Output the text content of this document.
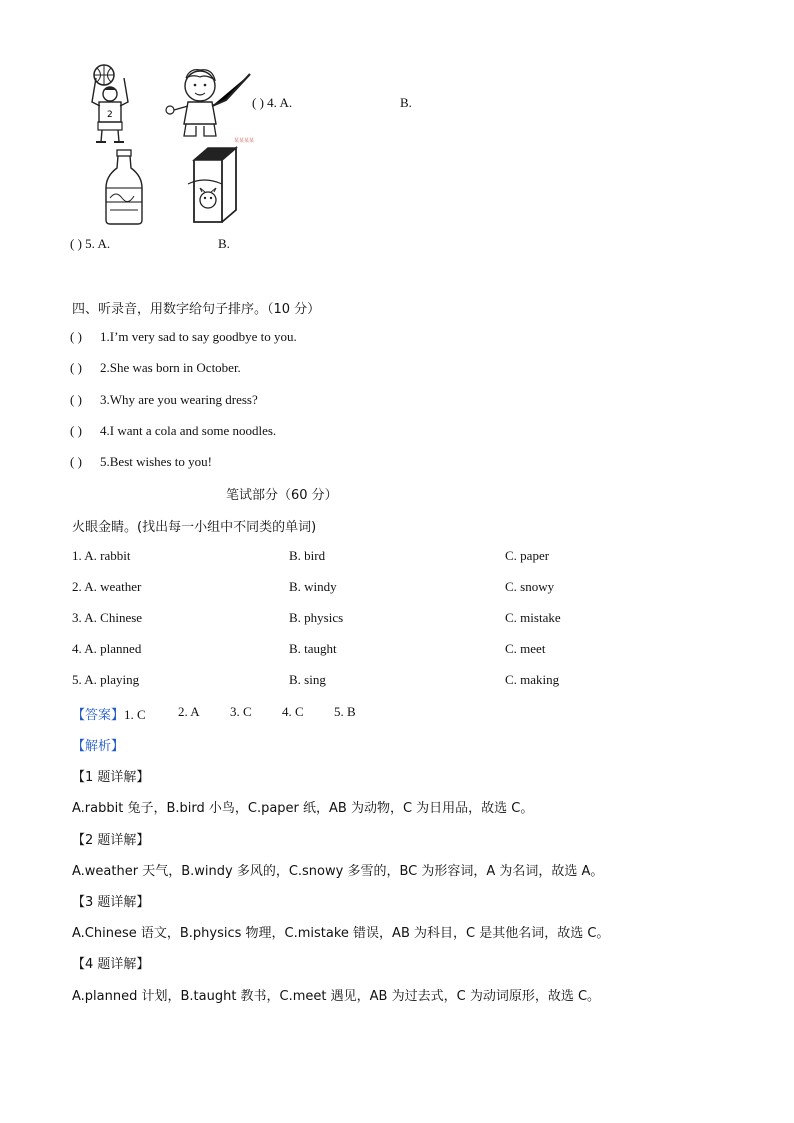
2
某某某某
( ) 4. A.	B.
( ) 5. A.	B.
四、听录音，用数字给句子排序。（10 分）
( ) 1.I’m very sad to say goodbye to you.
( ) 2.She was born in October.
( ) 3.Why are you wearing dress?
( ) 4.I want a cola and some noodles.
( ) 5.Best wishes to you!
笔试部分（60 分）
火眼金睛。(找出每一小组中不同类的单词)
1. A. rabbit	B. bird	C. paper
2. A. weather	B. windy	C. snowy
3. A. Chinese	B. physics	C. mistake
4. A. planned	B. taught	C. meet
5. A. playing	B. sing	C. making
【答案】1. C 2. A 3. C 4. C 5. B
【解析】
【1 题详解】
A.rabbit 兔子，B.bird 小鸟，C.paper 纸，AB 为动物，C 为日用品，故选 C。
【2 题详解】
A.weather 天气，B.windy 多风的，C.snowy 多雪的，BC 为形容词，A 为名词，故选 A。
【3 题详解】
A.Chinese 语文，B.physics 物理，C.mistake 错误，AB 为科目，C 是其他名词，故选 C。
【4 题详解】
A.planned 计划，B.taught 教书，C.meet 遇见，AB 为过去式，C 为动词原形，故选 C。
